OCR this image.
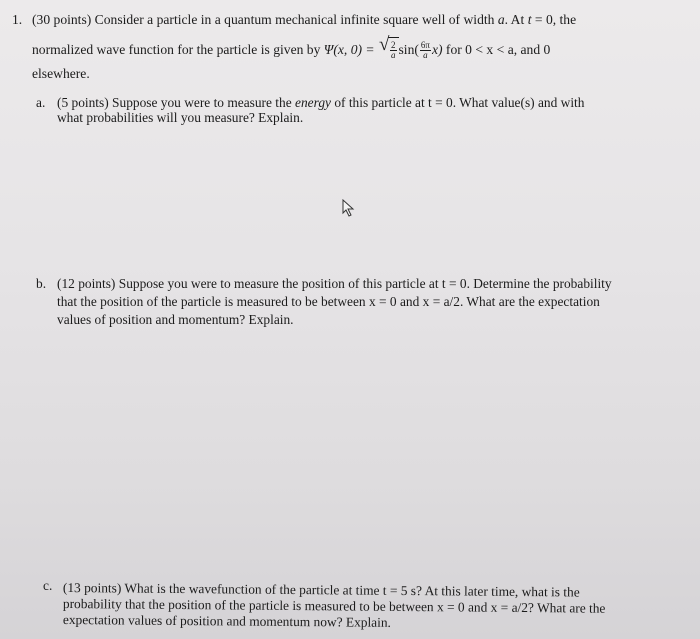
1. (30 points) Consider a particle in a quantum mechanical infinite square well of width a. At t = 0, the
normalized wave function for the particle is given by Ψ(x, 0) =
√ $\frac{2}{a} \sin( \frac{6\pi}{a} x)$ for 0 < x < a, and 0
elsewhere.
a. (5 points) Suppose you were to measure the energy of this particle at t = 0. What value(s) and with
what probabilities will you measure? Explain.
b. (12 points) Suppose you were to measure the position of this particle at t = 0. Determine the probability
that the position of the particle is measured to be between x = 0 and x = a/2. What are the expectation
values of position and momentum? Explain.
c. (13 points) What is the wavefunction of the particle at time t = 5 s? At this later time, what is the
probability that the position of the particle is measured to be between x = 0 and x = a/2? What are the
expectation values of position and momentum now? Explain.
